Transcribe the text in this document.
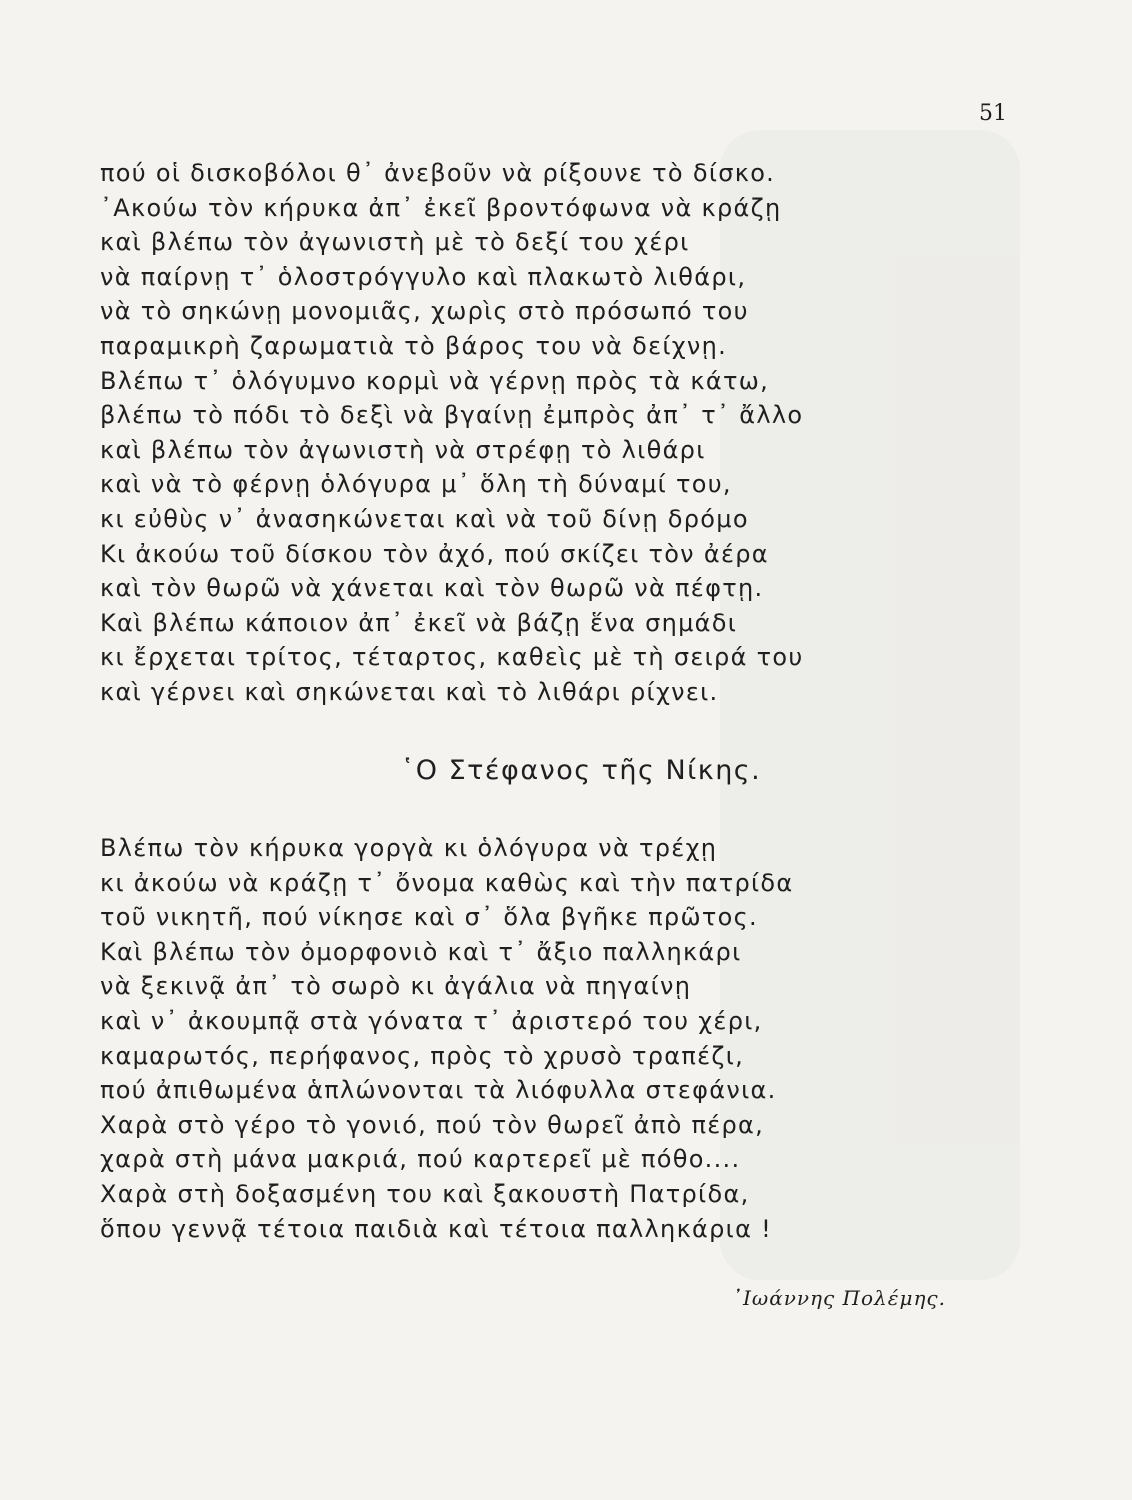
51
πού οἱ δισκοβόλοι θ᾽ ἀνεβοῦν νὰ ρίξουνε τὸ δίσκο.
᾽Ακούω τὸν κήρυκα ἀπ᾽ ἐκεῖ βροντόφωνα νὰ κράζῃ
καὶ βλέπω τὸν ἀγωνιστὴ μὲ τὸ δεξί του χέρι
νὰ παίρνῃ τ᾽ ὁλοστρόγγυλο καὶ πλακωτὸ λιθάρι,
νὰ τὸ σηκώνῃ μονομιᾶς, χωρὶς στὸ πρόσωπό του
παραμικρὴ ζαρωματιὰ τὸ βάρος του νὰ δείχνῃ.
Βλέπω τ᾽ ὁλόγυμνο κορμὶ νὰ γέρνῃ πρὸς τὰ κάτω,
βλέπω τὸ πόδι τὸ δεξὶ νὰ βγαίνῃ ἐμπρὸς ἀπ᾽ τ᾽ ἄλλο
καὶ βλέπω τὸν ἀγωνιστὴ νὰ στρέφῃ τὸ λιθάρι
καὶ νὰ τὸ φέρνῃ ὁλόγυρα μ᾽ ὅλη τὴ δύναμί του,
κι εὐθὺς ν᾽ ἀνασηκώνεται καὶ νὰ τοῦ δίνῃ δρόμο
Κι ἀκούω τοῦ δίσκου τὸν ἀχό, πού σκίζει τὸν ἀέρα
καὶ τὸν θωρῶ νὰ χάνεται καὶ τὸν θωρῶ νὰ πέφτῃ.
Καὶ βλέπω κάποιον ἀπ᾽ ἐκεῖ νὰ βάζῃ ἕνα σημάδι
κι ἔρχεται τρίτος, τέταρτος, καθεὶς μὲ τὴ σειρά του
καὶ γέρνει καὶ σηκώνεται καὶ τὸ λιθάρι ρίχνει.
῾Ο Στέφανος τῆς Νίκης.
Βλέπω τὸν κήρυκα γοργὰ κι ὁλόγυρα νὰ τρέχῃ
κι ἀκούω νὰ κράζῃ τ᾽ ὄνομα καθὼς καὶ τὴν πατρίδα
τοῦ νικητῆ, πού νίκησε καὶ σ᾽ ὅλα βγῆκε πρῶτος.
Καὶ βλέπω τὸν ὀμορφονιὸ καὶ τ᾽ ἄξιο παλληκάρι
νὰ ξεκινᾷ ἀπ᾽ τὸ σωρὸ κι ἀγάλια νὰ πηγαίνῃ
καὶ ν᾽ ἀκουμπᾷ στὰ γόνατα τ᾽ ἀριστερό του χέρι,
καμαρωτός, περήφανος, πρὸς τὸ χρυσὸ τραπέζι,
πού ἀπιθωμένα ἁπλώνονται τὰ λιόφυλλα στεφάνια.
Χαρὰ στὸ γέρο τὸ γονιό, πού τὸν θωρεῖ ἀπὸ πέρα,
χαρὰ στὴ μάνα μακριά, πού καρτερεῖ μὲ πόθο....
Χαρὰ στὴ δοξασμένη του καὶ ξακουστὴ Πατρίδα,
ὅπου γεννᾷ τέτοια παιδιὰ καὶ τέτοια παλληκάρια !
᾽Ιωάννης Πολέμης.
